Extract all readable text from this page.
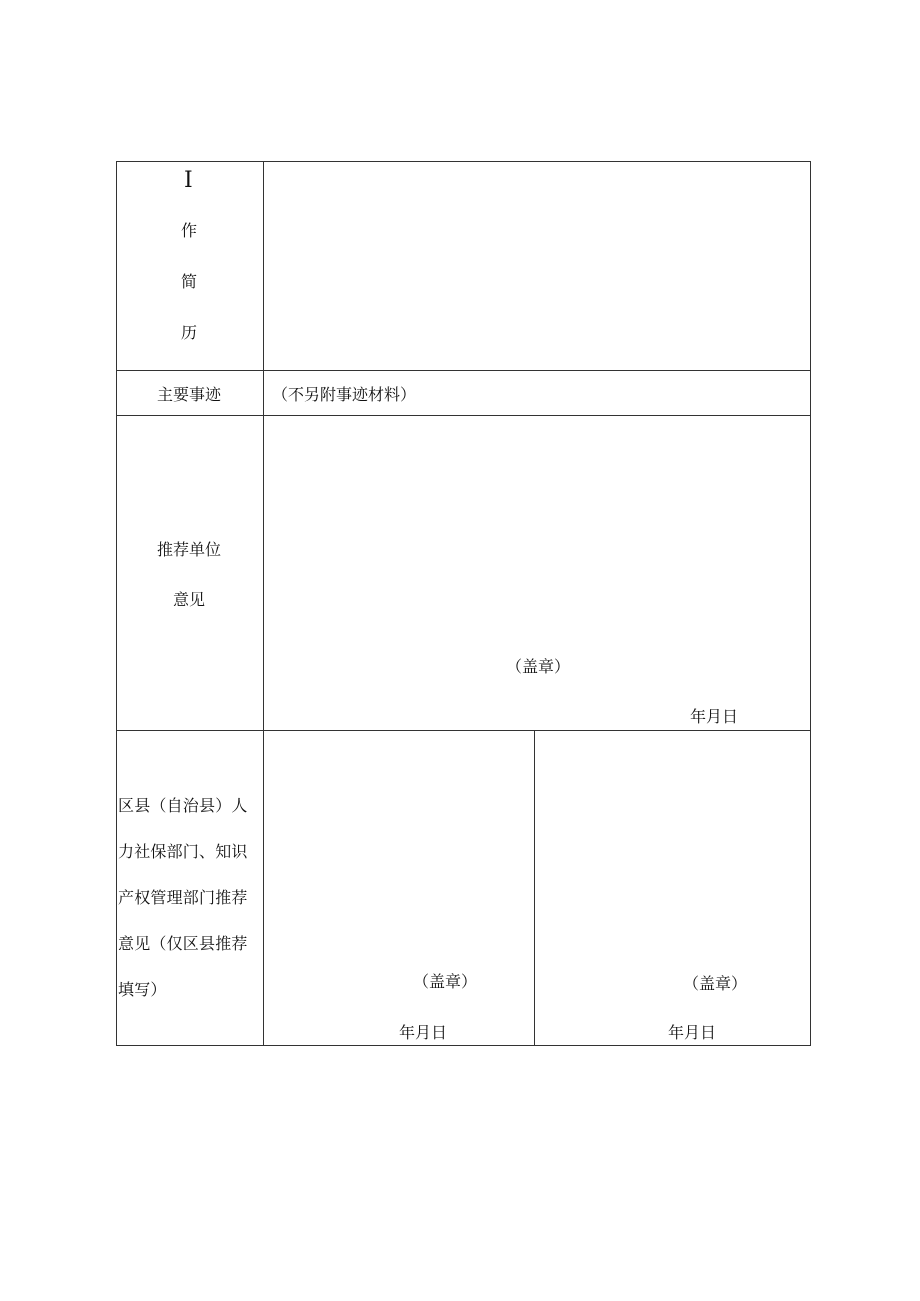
I
作
简
历
主要事迹	（不另附事迹材料）
推荐单位
意见
（盖章）
年月日
区县（自治县）人
力社保部门、知识
产权管理部门推荐
意见（仅区县推荐
填写）	（盖章）
年月日
（盖章）
年月日
